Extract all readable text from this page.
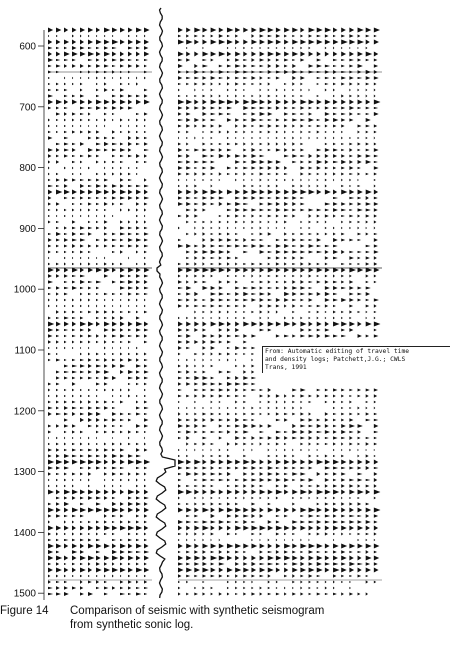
600
700
800
900
1000
1100
1200
1300
1400
1500
From: Automatic editing of travel time
and density logs; Patchett,J.G.; CWLS
Trans, 1991
Figure 14 Comparison of seismic with synthetic seismogram
from synthetic sonic log.
